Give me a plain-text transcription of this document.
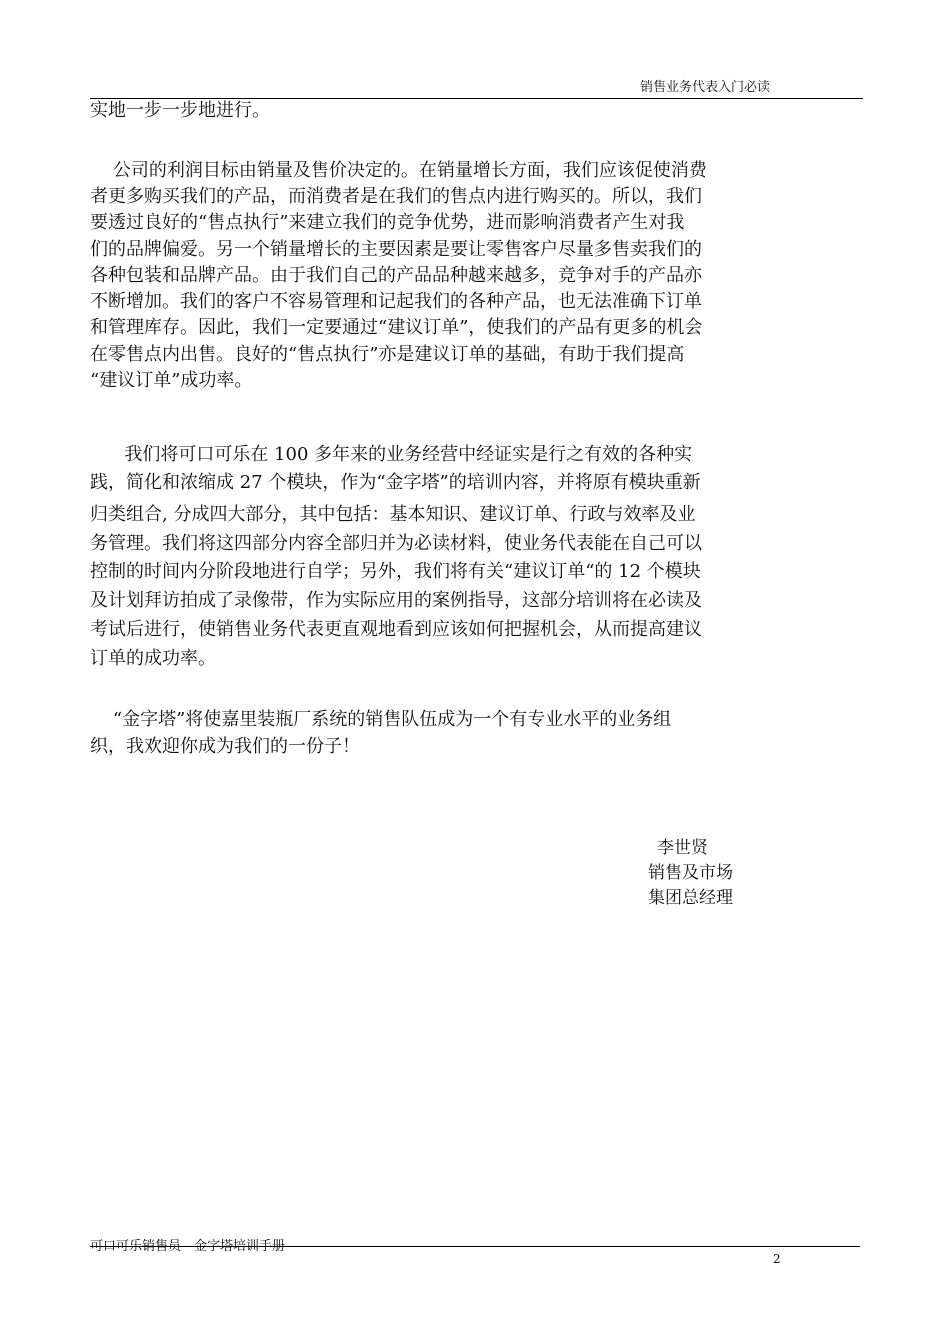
销售业务代表入门必读
实地一步一步地进行。
公司的利润目标由销量及售价决定的。在销量增长方面，我们应该促使消费
者更多购买我们的产品，而消费者是在我们的售点内进行购买的。所以，我们
要透过良好的“售点执行”来建立我们的竞争优势，进而影响消费者产生对我
们的品牌偏爱。另一个销量增长的主要因素是要让零售客户尽量多售卖我们的
各种包装和品牌产品。由于我们自己的产品品种越来越多，竞争对手的产品亦
不断增加。我们的客户不容易管理和记起我们的各种产品，也无法准确下订单
和管理库存。因此，我们一定要通过“建议订单”，使我们的产品有更多的机会
在零售点内出售。良好的“售点执行”亦是建议订单的基础，有助于我们提高
“建议订单”成功率。
我们将可口可乐在 100 多年来的业务经营中经证实是行之有效的各种实
践，简化和浓缩成 27 个模块，作为“金字塔”的培训内容，并将原有模块重新
归类组合, 分成四大部分，其中包括：基本知识、建议订单、行政与效率及业
务管理。我们将这四部分内容全部归并为必读材料，使业务代表能在自己可以
控制的时间内分阶段地进行自学；另外，我们将有关“建议订单“的 12 个模块
及计划拜访拍成了录像带，作为实际应用的案例指导，这部分培训将在必读及
考试后进行，使销售业务代表更直观地看到应该如何把握机会，从而提高建议
订单的成功率。
“金字塔”将使嘉里装瓶厂系统的销售队伍成为一个有专业水平的业务组
织，我欢迎你成为我们的一份子！
李世贤
销售及市场
集团总经理
可口可乐销售员—金字塔培训手册
2
